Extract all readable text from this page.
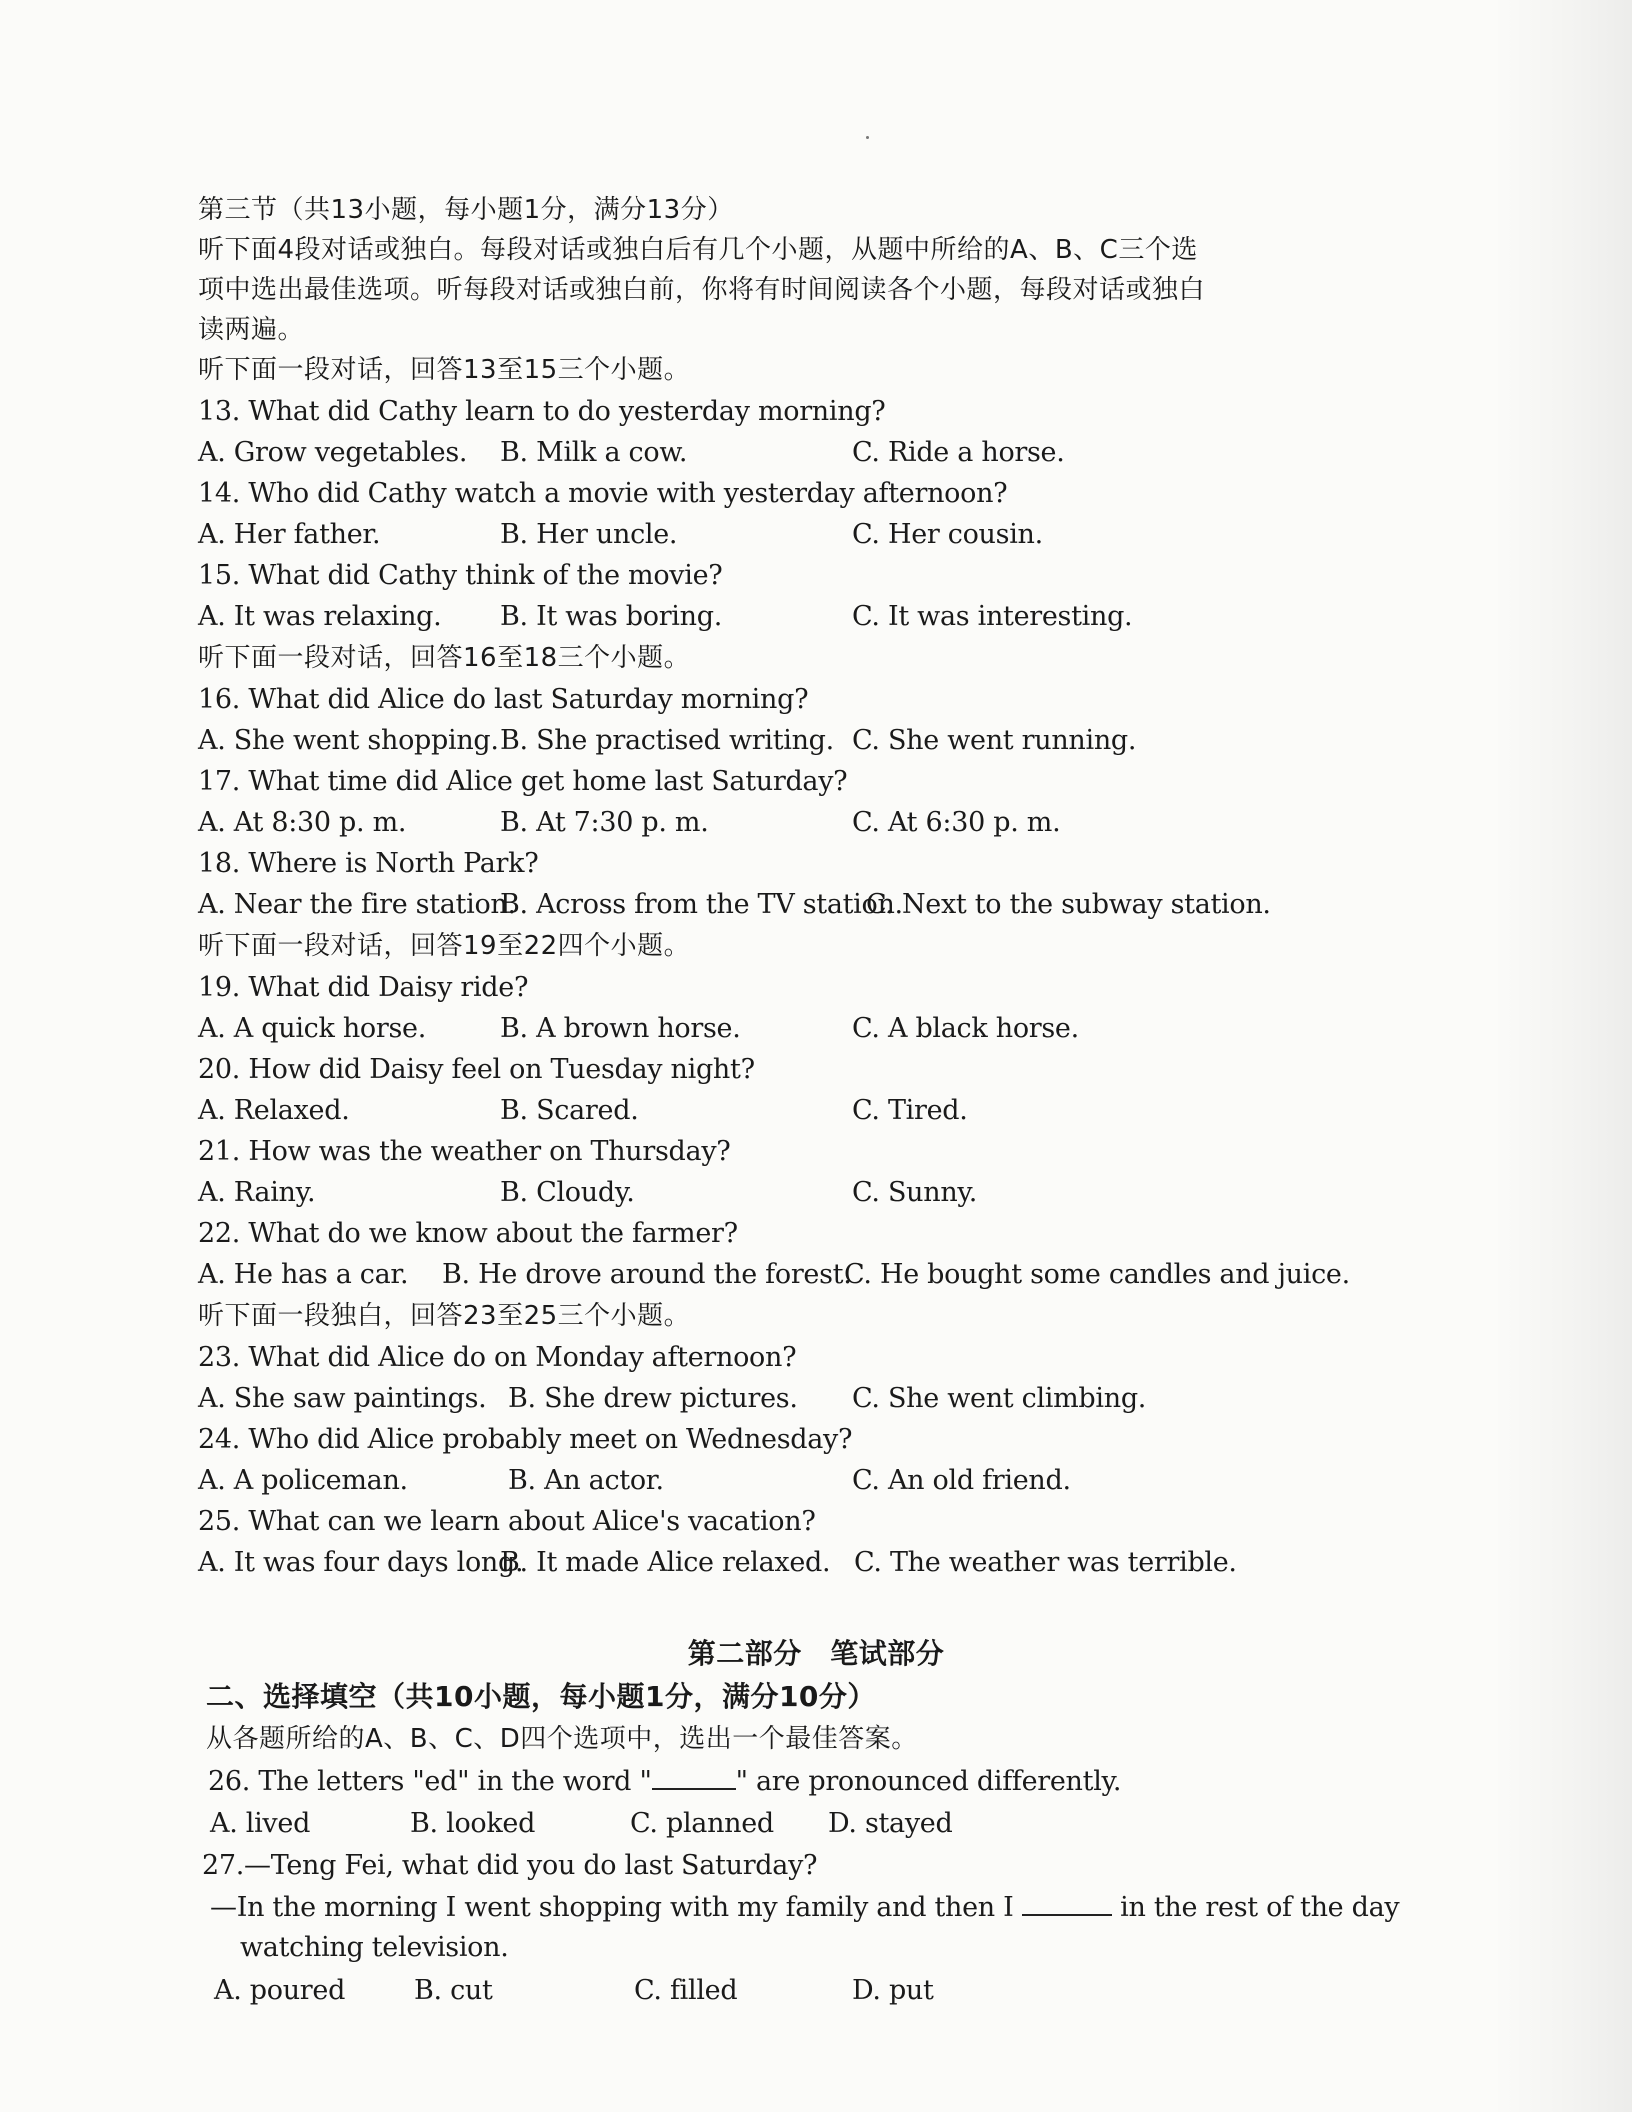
第三节（共13小题，每小题1分，满分13分）
听下面4段对话或独白。每段对话或独白后有几个小题，从题中所给的A、B、C三个选
项中选出最佳选项。听每段对话或独白前，你将有时间阅读各个小题，每段对话或独白
读两遍。
听下面一段对话，回答13至15三个小题。
13. What did Cathy learn to do yesterday morning?
A. Grow vegetables. B. Milk a cow.	C. Ride a horse.
14. Who did Cathy watch a movie with yesterday afternoon?
A. Her father.	B. Her uncle.	C. Her cousin.
15. What did Cathy think of the movie?
A. It was relaxing. B. It was boring.	C. It was interesting.
听下面一段对话，回答16至18三个小题。
16. What did Alice do last Saturday morning?
A. She went shopping. B. She practised writing. C. She went running.
17. What time did Alice get home last Saturday?
A. At 8:30 p. m.	B. At 7:30 p. m.	C. At 6:30 p. m.
18. Where is North Park?
A. Near the fire station.
B. Across from the TV station.
C. Next to the subway station.
听下面一段对话，回答19至22四个小题。
19. What did Daisy ride?
A. A quick horse.	B. A brown horse.	C. A black horse.
20. How did Daisy feel on Tuesday night?
A. Relaxed.	B. Scared.	C. Tired.
21. How was the weather on Thursday?
A. Rainy.	B. Cloudy.	C. Sunny.
22. What do we know about the farmer?
A. He has a car. B. He drove around the forest.
C. He bought some candles and juice.
听下面一段独白，回答23至25三个小题。
23. What did Alice do on Monday afternoon?
A. She saw paintings. B. She drew pictures. C. She went climbing.
24. Who did Alice probably meet on Wednesday?
A. A policeman.	B. An actor.	C. An old friend.
25. What can we learn about Alice's vacation?
A. It was four days long.
B. It made Alice relaxed. C. The weather was terrible.
第二部分　笔试部分
二、选择填空（共10小题，每小题1分，满分10分）
从各题所给的A、B、C、D四个选项中，选出一个最佳答案。
26. The letters "ed" in the word "	" are pronounced differently.
A. lived	B. looked	C. planned D. stayed
27.—Teng Fei, what did you do last Saturday?
—In the morning I went shopping with my family and then I	in the rest of the day
watching television.
A. poured	B. cut	C. filled	D. put
